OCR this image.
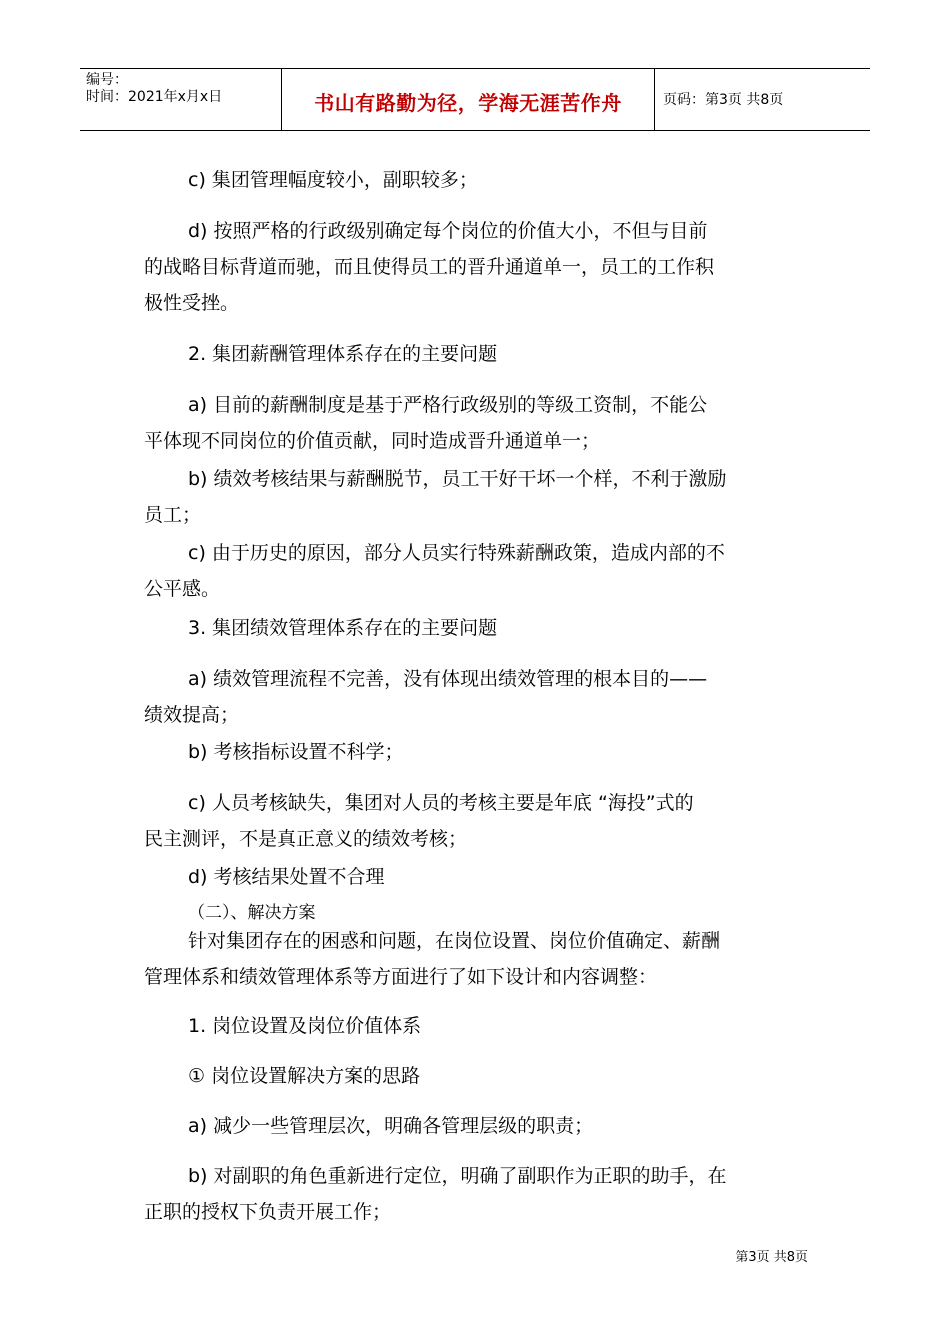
编号：
时间：2021年x月x日	书山有路勤为径，学海无涯苦作舟	页码：第3页 共8页
c) 集团管理幅度较小，副职较多；
d) 按照严格的行政级别确定每个岗位的价值大小，不但与目前
的战略目标背道而驰，而且使得员工的晋升通道单一，员工的工作积
极性受挫。
2. 集团薪酬管理体系存在的主要问题
a) 目前的薪酬制度是基于严格行政级别的等级工资制，不能公
平体现不同岗位的价值贡献，同时造成晋升通道单一；
b) 绩效考核结果与薪酬脱节，员工干好干坏一个样，不利于激励
员工；
c) 由于历史的原因，部分人员实行特殊薪酬政策，造成内部的不
公平感。
3. 集团绩效管理体系存在的主要问题
a) 绩效管理流程不完善，没有体现出绩效管理的根本目的——
绩效提高；
b) 考核指标设置不科学；
c) 人员考核缺失，集团对人员的考核主要是年底 “海投”式的
民主测评，不是真正意义的绩效考核；
d) 考核结果处置不合理
（二）、解决方案
针对集团存在的困惑和问题，在岗位设置、岗位价值确定、薪酬
管理体系和绩效管理体系等方面进行了如下设计和内容调整：
1. 岗位设置及岗位价值体系
① 岗位设置解决方案的思路
a) 减少一些管理层次，明确各管理层级的职责；
b) 对副职的角色重新进行定位，明确了副职作为正职的助手，在
正职的授权下负责开展工作；
第3页 共8页
